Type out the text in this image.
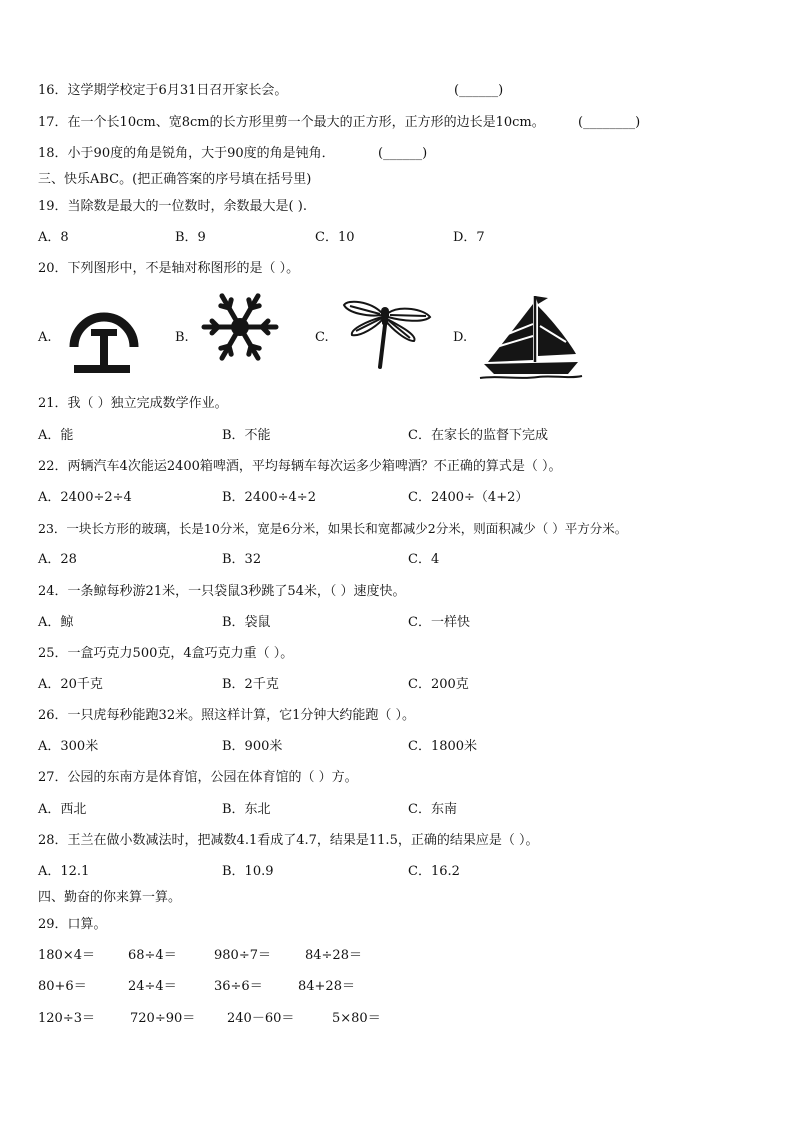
16．这学期学校定于6月31日召开家长会。	(______)
17．在一个长10cm、宽8cm的长方形里剪一个最大的正方形，正方形的边长是10cm。	(________)
18．小于90度的角是锐角，大于90度的角是钝角．	(______)
三、快乐ABC。(把正确答案的序号填在括号里)
19．当除数是最大的一位数时，余数最大是( ).
A．8	B．9	C．10	D．7
20．下列图形中，不是轴对称图形的是（ ）。
A.	B.	C.	D.
21．我（ ）独立完成数学作业。
A．能	B．不能	C．在家长的监督下完成
22．两辆汽车4次能运2400箱啤酒，平均每辆车每次运多少箱啤酒？不正确的算式是（ ）。
A．2400÷2÷4	B．2400÷4÷2	C．2400÷（4+2）
23．一块长方形的玻璃，长是10分米，宽是6分米，如果长和宽都减少2分米，则面积减少（ ）平方分米。
A．28	B．32	C．4
24．一条鲸每秒游21米，一只袋鼠3秒跳了54米，（ ）速度快。
A．鲸	B．袋鼠	C．一样快
25．一盒巧克力500克，4盒巧克力重（ ）。
A．20千克	B．2千克	C．200克
26．一只虎每秒能跑32米。照这样计算，它1分钟大约能跑（ ）。
A．300米	B．900米	C．1800米
27．公园的东南方是体育馆，公园在体育馆的（ ）方。
A．西北	B．东北	C．东南
28．王兰在做小数减法时，把减数4.1看成了4.7，结果是11.5，正确的结果应是（ ）。
A．12.1	B．10.9	C．16.2
四、勤奋的你来算一算。
29．口算。
180×4＝	68÷4＝	980÷7＝	84÷28＝
80+6＝	24÷4＝	36÷6＝	84+28＝
120÷3＝	720÷90＝ 240－60＝	5×80＝
